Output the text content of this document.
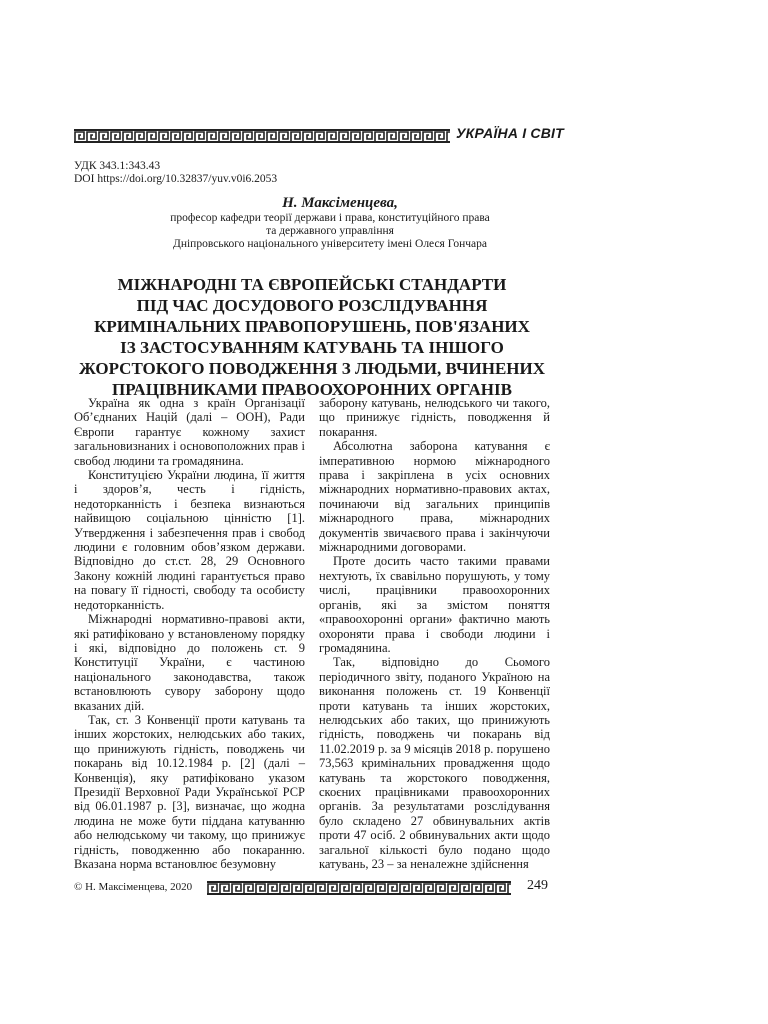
УКРАЇНА І СВІТ
УДК 343.1:343.43
DOI https://doi.org/10.32837/yuv.v0i6.2053
Н. Максіменцева,
професор кафедри теорії держави і права, конституційного права
та державного управління
Дніпровського національного університету імені Олеся Гончара
МІЖНАРОДНІ ТА ЄВРОПЕЙСЬКІ СТАНДАРТИ
ПІД ЧАС ДОСУДОВОГО РОЗСЛІДУВАННЯ
КРИМІНАЛЬНИХ ПРАВОПОРУШЕНЬ, ПОВ'ЯЗАНИХ
ІЗ ЗАСТОСУВАННЯМ КАТУВАНЬ ТА ІНШОГО
ЖОРСТОКОГО ПОВОДЖЕННЯ З ЛЮДЬМИ, ВЧИНЕНИХ
ПРАЦІВНИКАМИ ПРАВООХОРОННИХ ОРГАНІВ

Україна як одна з країн Організації Об’єднаних Націй (далі – ООН), Ради Європи гарантує кожному захист загальновизнаних і основоположних прав і свобод людини та громадянина.

Конституцією України людина, її життя і здоров’я, честь і гідність, недоторканність і безпека визнаються найвищою соціальною цінністю [1]. Утвердження і забезпечення прав і свобод людини є головним обов’язком держави. Відповідно до ст.ст. 28, 29 Основного Закону кожній людині гарантується право на повагу її гідності, свободу та особисту недоторканність.

Міжнародні нормативно-правові акти, які ратифіковано у встановленому порядку і які, відповідно до положень ст. 9 Конституції України, є частиною національного законодавства, також встановлюють сувору заборону щодо вказаних дій.

Так, ст. 3 Конвенції проти катувань та інших жорстоких, нелюдських або таких, що принижують гідність, поводжень чи покарань від 10.12.1984 р. [2] (далі – Конвенція), яку ратифіковано указом Президії Верховної Ради Української РСР від 06.01.1987 р. [3], визначає, що жодна людина не може бути піддана катуванню або нелюдському чи такому, що принижує гідність, поводженню або покаранню. Вказана норма встановлює безумовну

заборону катувань, нелюдського чи такого, що принижує гідність, поводження й покарання.

Абсолютна заборона катування є імперативною нормою міжнародного права і закріплена в усіх основних міжнародних нормативно-правових актах, починаючи від загальних принципів міжнародного права, міжнародних документів звичаєвого права і закінчуючи міжнародними договорами.

Проте досить часто такими правами нехтують, їх свавільно порушують, у тому числі, працівники правоохоронних органів, які за змістом поняття «правоохоронні органи» фактично мають охороняти права і свободи людини і громадянина.

Так, відповідно до Сьомого періодичного звіту, поданого Україною на виконання положень ст. 19 Конвенції проти катувань та інших жорстоких, нелюдських або таких, що принижують гідність, поводжень чи покарань від 11.02.2019 р. за 9 місяців 2018 р. порушено 73,563 кримінальних провадження щодо катувань та жорстокого поводження, скоєних працівниками правоохоронних органів. За результатами розслідування було складено 27 обвинувальних актів проти 47 осіб. 2 обвинувальних акти щодо загальної кількості було подано щодо катувань, 23 – за неналежне здійснення

© Н. Максіменцева, 2020	249
